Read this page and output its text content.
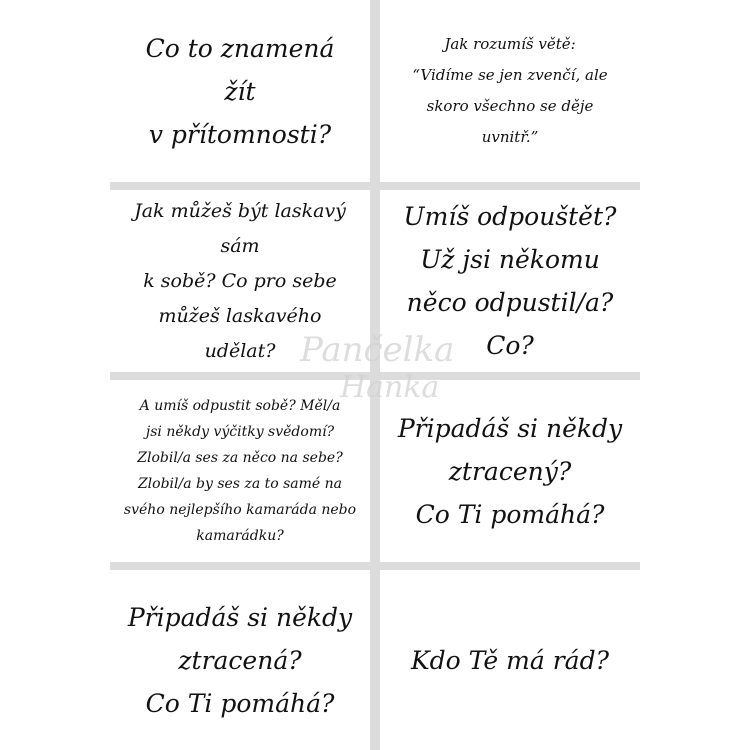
Co to znamená
žít
v přítomnosti?
Jak rozumíš větě:
“Vidíme se jen zvenčí, ale
skoro všechno se děje
uvnitř.”
Jak můžeš být laskavý
sám
k sobě? Co pro sebe
můžeš laskavého
udělat?
Umíš odpouštět?
Už jsi někomu
něco odpustil/a?
Co?
A umíš odpustit sobě? Měl/a
jsi někdy výčitky svědomí?
Zlobil/a ses za něco na sebe?
Zlobil/a by ses za to samé na
svého nejlepšího kamaráda nebo
kamarádku?
Připadáš si někdy
ztracený?
Co Ti pomáhá?
Připadáš si někdy
ztracená?
Co Ti pomáhá?
Kdo Tě má rád?
Pančelka
Hanka
